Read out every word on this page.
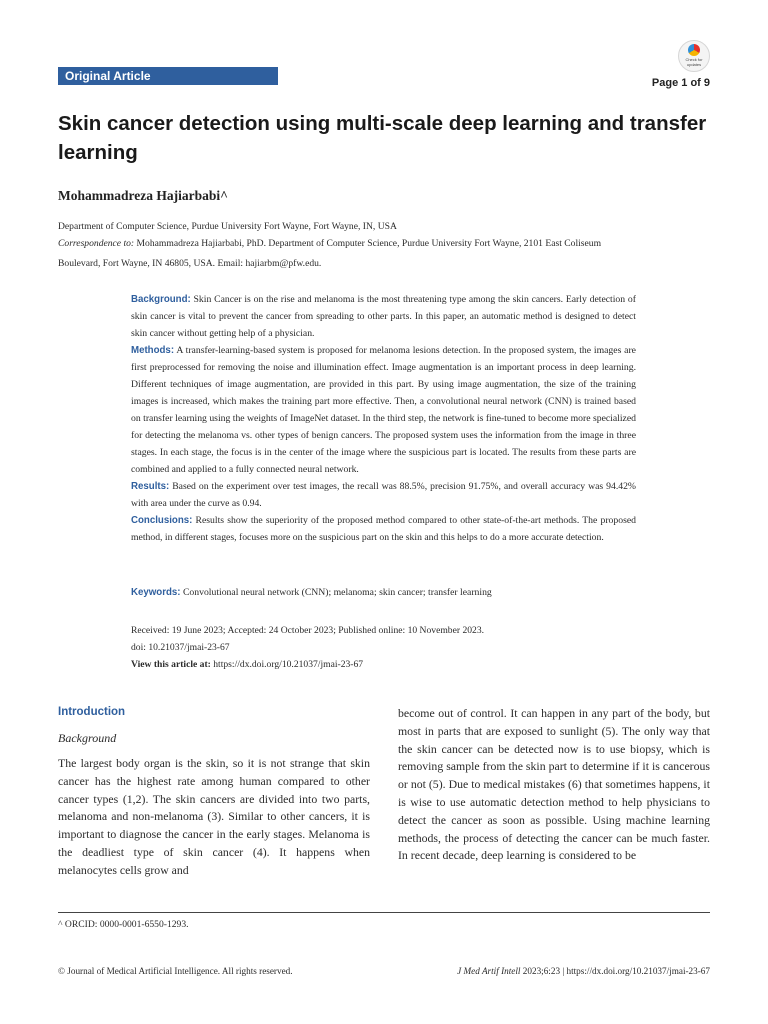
Original Article
Check for updates
Page 1 of 9
Skin cancer detection using multi-scale deep learning and transfer learning
Mohammadreza Hajiarbabi^
Department of Computer Science, Purdue University Fort Wayne, Fort Wayne, IN, USA
Correspondence to: Mohammadreza Hajiarbabi, PhD. Department of Computer Science, Purdue University Fort Wayne, 2101 East Coliseum
Boulevard, Fort Wayne, IN 46805, USA. Email: hajiarbm@pfw.edu.

Background: Skin Cancer is on the rise and melanoma is the most threatening type among the skin cancers. Early detection of skin cancer is vital to prevent the cancer from spreading to other parts. In this paper, an automatic method is designed to detect skin cancer without getting help of a physician.

Methods: A transfer-learning-based system is proposed for melanoma lesions detection. In the proposed system, the images are first preprocessed for removing the noise and illumination effect. Image augmentation is an important process in deep learning. Different techniques of image augmentation, are provided in this part. By using image augmentation, the size of the training images is increased, which makes the training part more effective. Then, a convolutional neural network (CNN) is trained based on transfer learning using the weights of ImageNet dataset. In the third step, the network is fine-tuned to become more specialized for detecting the melanoma vs. other types of benign cancers. The proposed system uses the information from the image in three stages. In each stage, the focus is in the center of the image where the suspicious part is located. The results from these parts are combined and applied to a fully connected neural network.

Results: Based on the experiment over test images, the recall was 88.5%, precision 91.75%, and overall accuracy was 94.42% with area under the curve as 0.94.

Conclusions: Results show the superiority of the proposed method compared to other state-of-the-art methods. The proposed method, in different stages, focuses more on the suspicious part on the skin and this helps to do a more accurate detection.

Keywords: Convolutional neural network (CNN); melanoma; skin cancer; transfer learning
Received: 19 June 2023; Accepted: 24 October 2023; Published online: 10 November 2023.
doi: 10.21037/jmai-23-67
View this article at: https://dx.doi.org/10.21037/jmai-23-67
Introduction
Background
The largest body organ is the skin, so it is not strange that skin cancer has the highest rate among human compared to other cancer types (1,2). The skin cancers are divided into two parts, melanoma and non-melanoma (3). Similar to other cancers, it is important to diagnose the cancer in the early stages. Melanoma is the deadliest type of skin cancer (4). It happens when melanocytes cells grow and
become out of control. It can happen in any part of the body, but most in parts that are exposed to sunlight (5). The only way that the skin cancer can be detected now is to use biopsy, which is removing sample from the skin part to determine if it is cancerous or not (5). Due to medical mistakes (6) that sometimes happens, it is wise to use automatic detection method to help physicians to detect the cancer as soon as possible. Using machine learning methods, the process of detecting the cancer can be much faster. In recent decade, deep learning is considered to be
^ ORCID: 0000-0001-6550-1293.
© Journal of Medical Artificial Intelligence. All rights reserved.	J Med Artif Intell 2023;6:23 | https://dx.doi.org/10.21037/jmai-23-67
